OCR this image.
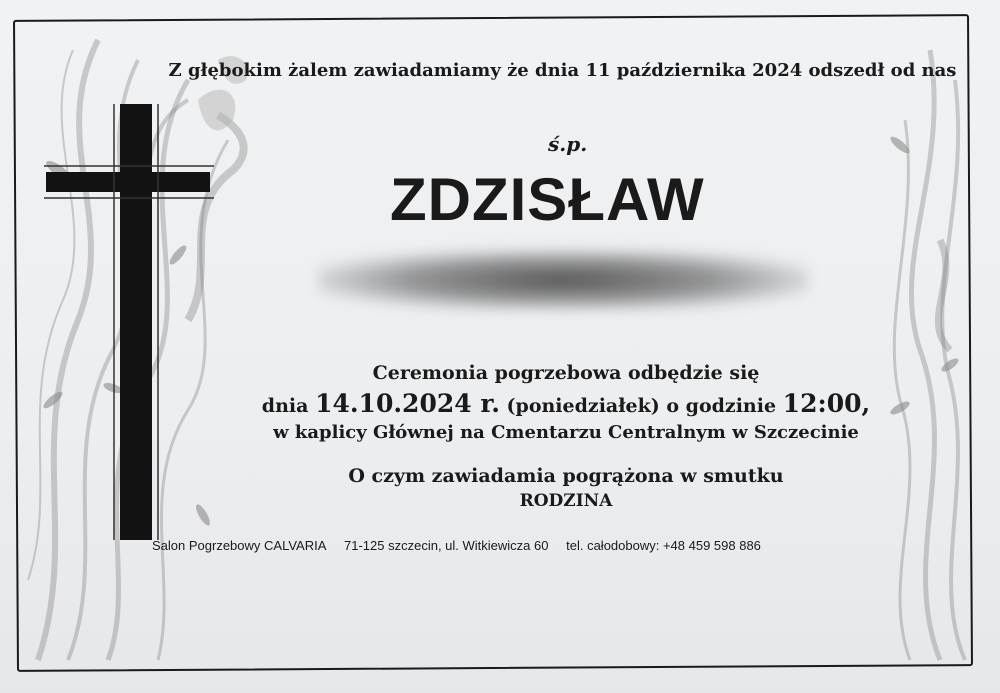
Z głębokim żalem zawiadamiamy że dnia 11 października 2024 odszedł od nas
ś.p.
ZDZISŁAW
Ceremonia pogrzebowa odbędzie się
dnia 14.10.2024 r. (poniedziałek) o godzinie 12:00,
w kaplicy Głównej na Cmentarzu Centralnym w Szczecinie
O czym zawiadamia pogrążona w smutku
RODZINA
Salon Pogrzebowy CALVARIA 71-125 szczecin, ul. Witkiewicza 60 tel. całodobowy: +48 459 598 886
